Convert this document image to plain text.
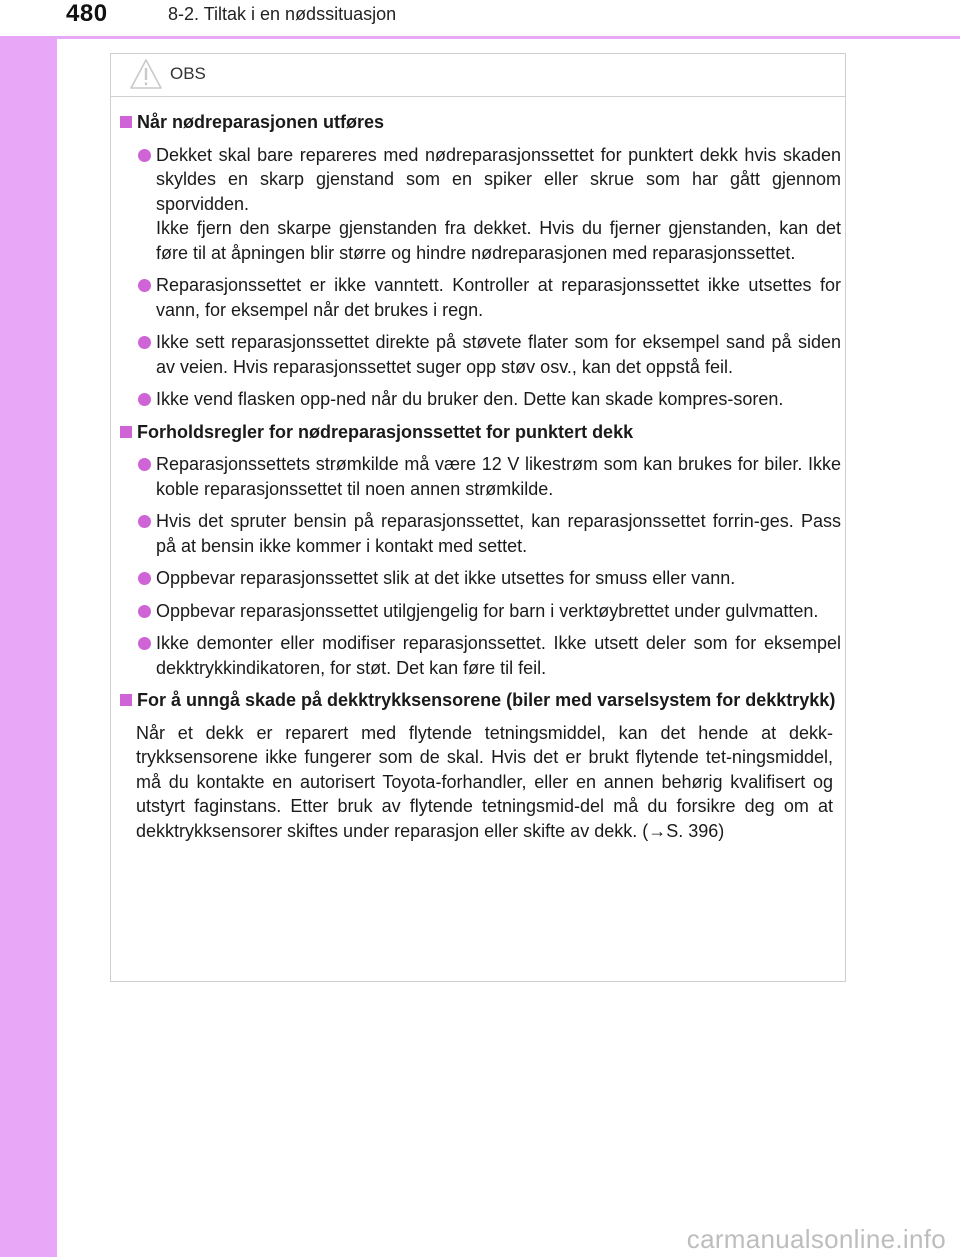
480	8-2. Tiltak i en nødssituasjon
OBS
Når nødreparasjonen utføres
Dekket skal bare repareres med nødreparasjonssettet for punktert dekk hvis skaden skyldes en skarp gjenstand som en spiker eller skrue som har gått gjennom sporvidden.
Ikke fjern den skarpe gjenstanden fra dekket. Hvis du fjerner gjenstanden, kan det føre til at åpningen blir større og hindre nødreparasjonen med reparasjonssettet.
Reparasjonssettet er ikke vanntett. Kontroller at reparasjonssettet ikke utsettes for vann, for eksempel når det brukes i regn.
Ikke sett reparasjonssettet direkte på støvete flater som for eksempel sand på siden av veien. Hvis reparasjonssettet suger opp støv osv., kan det oppstå feil.
Ikke vend flasken opp-ned når du bruker den. Dette kan skade kompres-soren.
Forholdsregler for nødreparasjonssettet for punktert dekk
Reparasjonssettets strømkilde må være 12 V likestrøm som kan brukes for biler. Ikke koble reparasjonssettet til noen annen strømkilde.
Hvis det spruter bensin på reparasjonssettet, kan reparasjonssettet forrin-ges. Pass på at bensin ikke kommer i kontakt med settet.
Oppbevar reparasjonssettet slik at det ikke utsettes for smuss eller vann.
Oppbevar reparasjonssettet utilgjengelig for barn i verktøybrettet under gulvmatten.
Ikke demonter eller modifiser reparasjonssettet. Ikke utsett deler som for eksempel dekktrykkindikatoren, for støt. Det kan føre til feil.
For å unngå skade på dekktrykksensorene (biler med varselsystem for dekktrykk)

Når et dekk er reparert med flytende tetningsmiddel, kan det hende at dekk-trykksensorene ikke fungerer som de skal. Hvis det er brukt flytende tet-ningsmiddel, må du kontakte en autorisert Toyota-forhandler, eller en annen behørig kvalifisert og utstyrt faginstans. Etter bruk av flytende tetningsmid-del må du forsikre deg om at dekktrykksensorer skiftes under reparasjon eller skifte av dekk. (→S. 396)

carmanualsonline.info
